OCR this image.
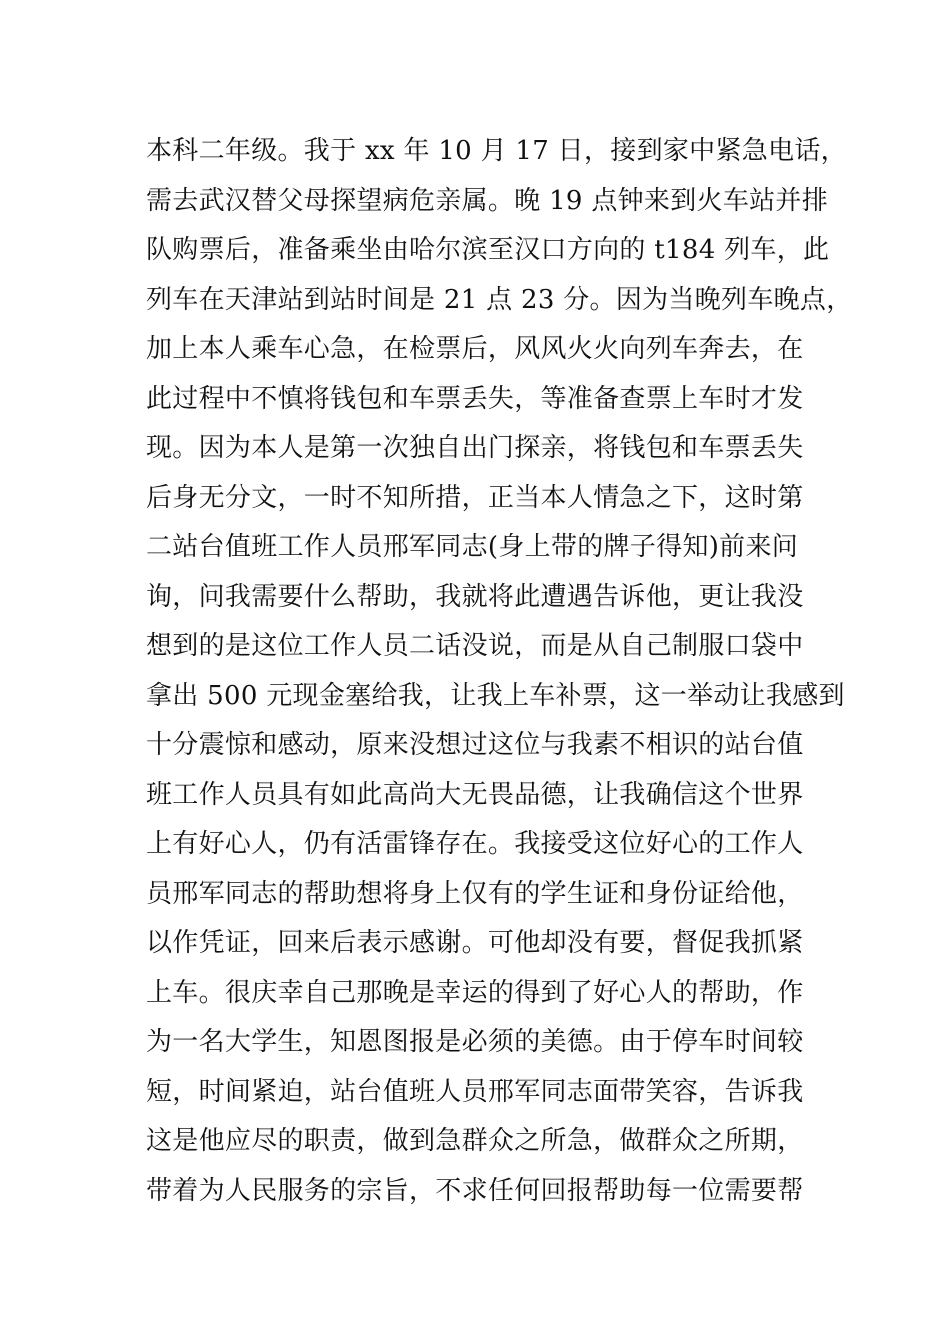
本科二年级。我于 xx 年 10 月 17 日，接到家中紧急电话，
需去武汉替父母探望病危亲属。晚 19 点钟来到火车站并排
队购票后，准备乘坐由哈尔滨至汉口方向的 t184 列车，此
列车在天津站到站时间是 21 点 23 分。因为当晚列车晚点，
加上本人乘车心急，在检票后，风风火火向列车奔去，在
此过程中不慎将钱包和车票丢失，等准备查票上车时才发
现。因为本人是第一次独自出门探亲，将钱包和车票丢失
后身无分文，一时不知所措，正当本人情急之下，这时第
二站台值班工作人员邢军同志(身上带的牌子得知)前来问
询，问我需要什么帮助，我就将此遭遇告诉他，更让我没
想到的是这位工作人员二话没说，而是从自己制服口袋中
拿出 500 元现金塞给我，让我上车补票，这一举动让我感到
十分震惊和感动，原来没想过这位与我素不相识的站台值
班工作人员具有如此高尚大无畏品德，让我确信这个世界
上有好心人，仍有活雷锋存在。我接受这位好心的工作人
员邢军同志的帮助想将身上仅有的学生证和身份证给他，
以作凭证，回来后表示感谢。可他却没有要，督促我抓紧
上车。很庆幸自己那晚是幸运的得到了好心人的帮助，作
为一名大学生，知恩图报是必须的美德。由于停车时间较
短，时间紧迫，站台值班人员邢军同志面带笑容，告诉我
这是他应尽的职责，做到急群众之所急，做群众之所期，
带着为人民服务的宗旨，不求任何回报帮助每一位需要帮
